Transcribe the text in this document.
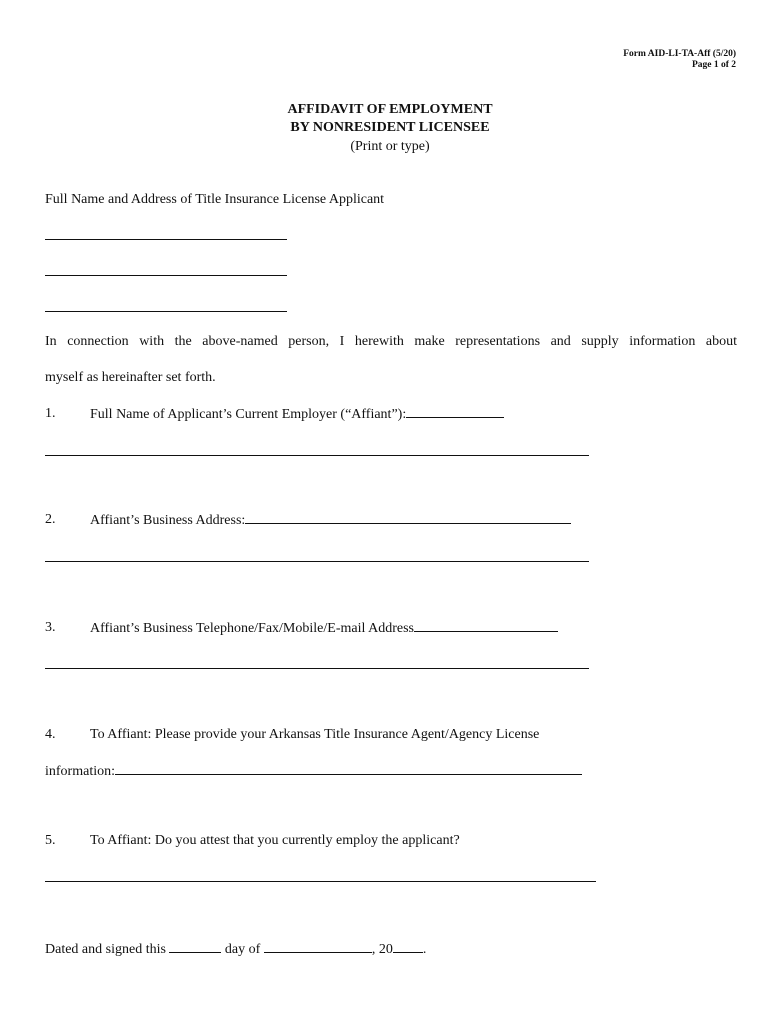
Form AID-LI-TA-Aff (5/20)
Page 1 of 2
AFFIDAVIT OF EMPLOYMENT
BY NONRESIDENT LICENSEE
(Print or type)
Full Name and Address of Title Insurance License Applicant
In connection with the above-named person, I herewith make representations and supply information about
myself as hereinafter set forth.
1. Full Name of Applicant’s Current Employer (“Affiant”):
2. Affiant’s Business Address:
3. Affiant’s Business Telephone/Fax/Mobile/E-mail Address
4. To Affiant: Please provide your Arkansas Title Insurance Agent/Agency License
information:
5. To Affiant: Do you attest that you currently employ the applicant?
Dated and signed this	day of	, 20 .
